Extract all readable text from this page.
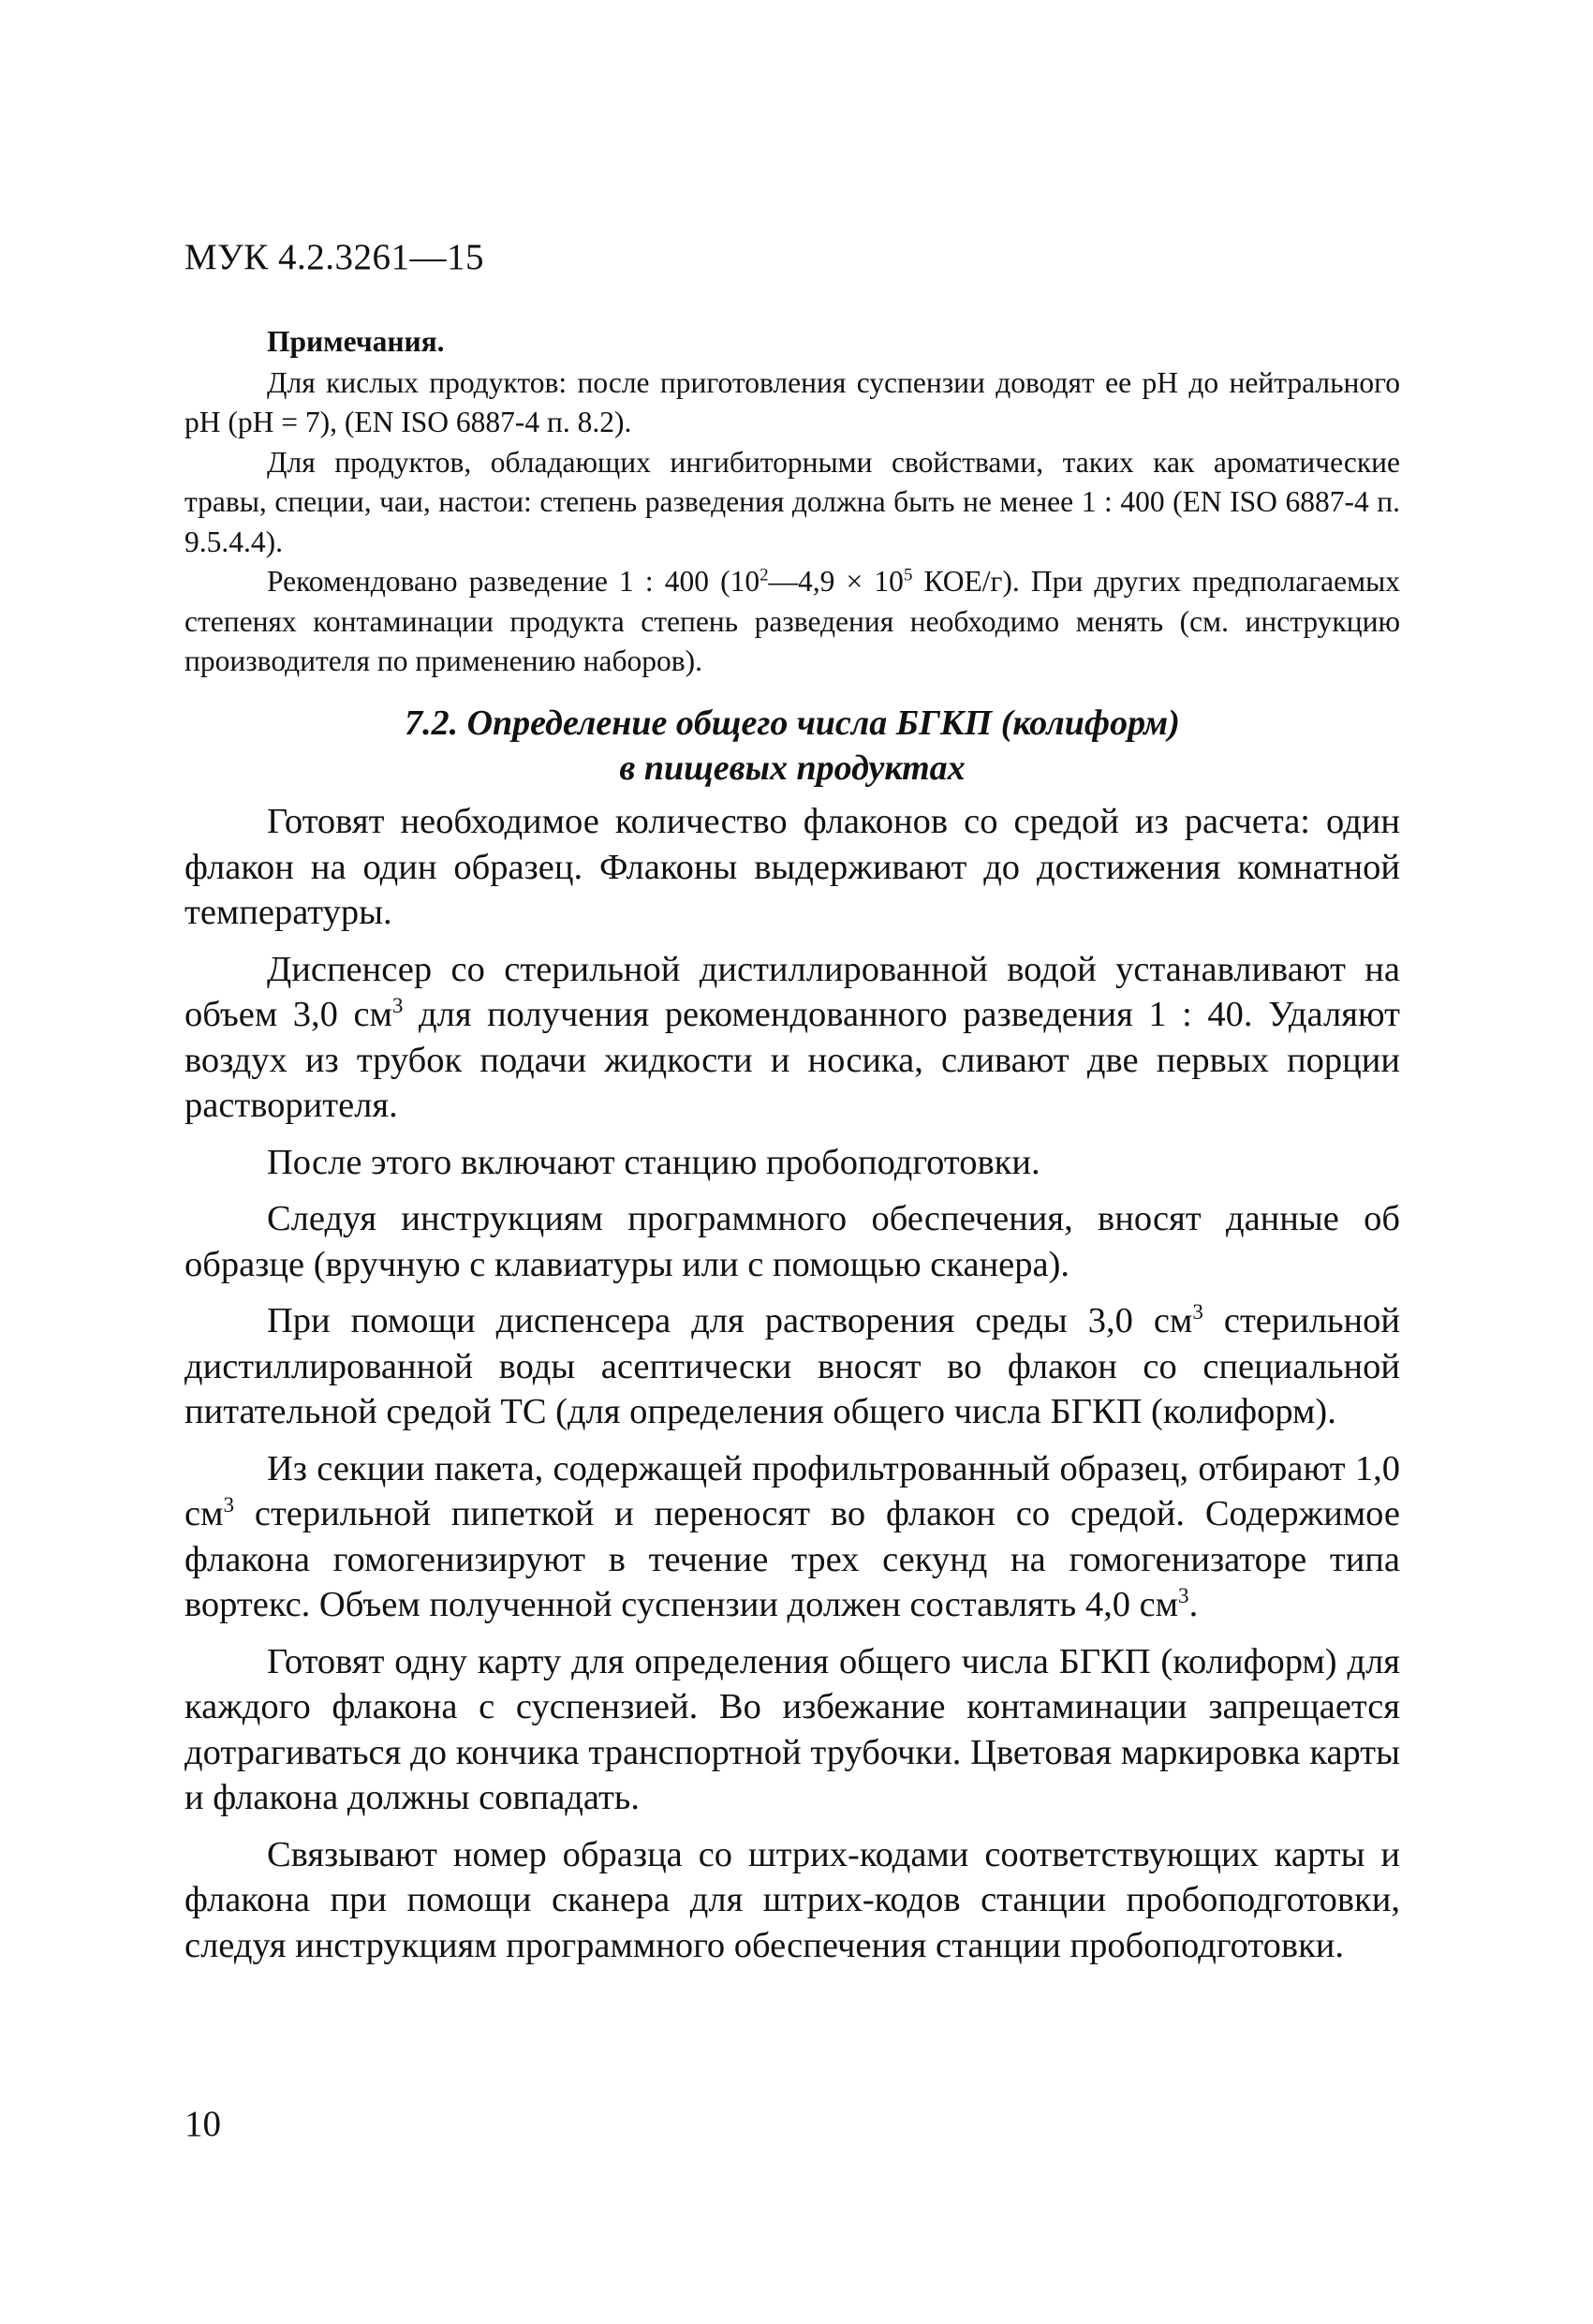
МУК 4.2.3261—15

Примечания.

Для кислых продуктов: после приготовления суспензии доводят ее pH до нейтрального pH (pH = 7), (EN ISO 6887-4 п. 8.2).

Для продуктов, обладающих ингибиторными свойствами, таких как ароматические травы, специи, чаи, настои: степень разведения должна быть не менее 1 : 400 (EN ISO 6887-4 п. 9.5.4.4).

Рекомендовано разведение 1 : 400 ($10^2—4,9 \times 10^5$ КОЕ/г). При других предполагаемых степенях контаминации продукта степень разведения необходимо менять (см. инструкцию производителя по применению наборов).

7.2. Определение общего числа БГКП (колиформ)
в пищевых продуктах

Готовят необходимое количество флаконов со средой из расчета: один флакон на один образец. Флаконы выдерживают до достижения комнатной температуры.

Диспенсер со стерильной дистиллированной водой устанавливают на объем 3,0 $см^3$ для получения рекомендованного разведения 1 : 40. Удаляют воздух из трубок подачи жидкости и носика, сливают две первых порции растворителя.

После этого включают станцию пробоподготовки.

Следуя инструкциям программного обеспечения, вносят данные об образце (вручную с клавиатуры или с помощью сканера).

При помощи диспенсера для растворения среды 3,0 $см^3$ стерильной дистиллированной воды асептически вносят во флакон со специальной питательной средой ТС (для определения общего числа БГКП (колиформ).

Из секции пакета, содержащей профильтрованный образец, отбирают 1,0 $см^3$ стерильной пипеткой и переносят во флакон со средой. Содержимое флакона гомогенизируют в течение трех секунд на гомогенизаторе типа вортекс. Объем полученной суспензии должен составлять 4,0 $см^3$.

Готовят одну карту для определения общего числа БГКП (колиформ) для каждого флакона с суспензией. Во избежание контаминации запрещается дотрагиваться до кончика транспортной трубочки. Цветовая маркировка карты и флакона должны совпадать.

Связывают номер образца со штрих-кодами соответствующих карты и флакона при помощи сканера для штрих-кодов станции пробоподготовки, следуя инструкциям программного обеспечения станции пробоподготовки.

10
